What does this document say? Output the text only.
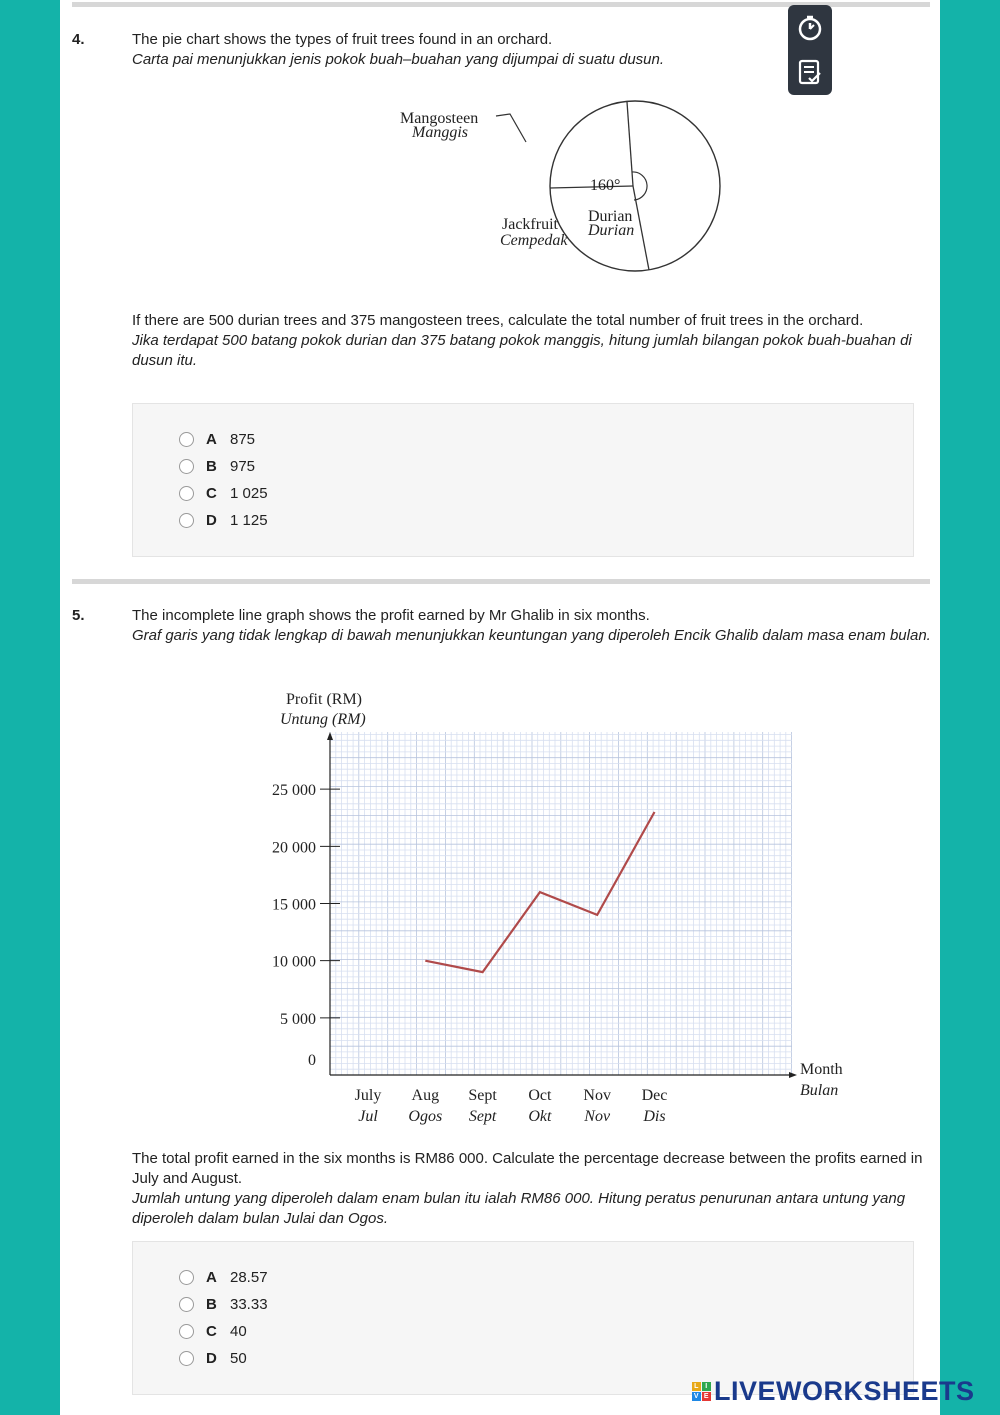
4.	The pie chart shows the types of fruit trees found in an orchard.
Carta pai menunjukkan jenis pokok buah–buahan yang dijumpai di suatu dusun.
Mangosteen
Manggis
160°
Jackfruit
Cempedak
Durian
Durian
If there are 500 durian trees and 375 mangosteen trees, calculate the total number of fruit trees in the orchard.
Jika terdapat 500 batang pokok durian dan 375 batang pokok manggis, hitung jumlah bilangan pokok buah-buahan di dusun itu.
A 875
B 975
C 1 025
D 1 125
5.	The incomplete line graph shows the profit earned by Mr Ghalib in six months.
Graf garis yang tidak lengkap di bawah menunjukkan keuntungan yang diperoleh Encik Ghalib dalam masa enam bulan.
Profit (RM)
Untung (RM)
0
5 000
10 000
15 000
20 000
25 000
July
Jul
Aug
Ogos
Sept
Sept
Oct
Okt
Nov
Nov
Dec
Dis
Month
Bulan
The total profit earned in the six months is RM86 000. Calculate the percentage decrease between the profits earned in July and August.
Jumlah untung yang diperoleh dalam enam bulan itu ialah RM86 000. Hitung peratus penurunan antara untung yang diperoleh dalam bulan Julai dan Ogos.
A 28.57
B 33.33
C 40
D 50
L I
V E LIVEWORKSHEETS
